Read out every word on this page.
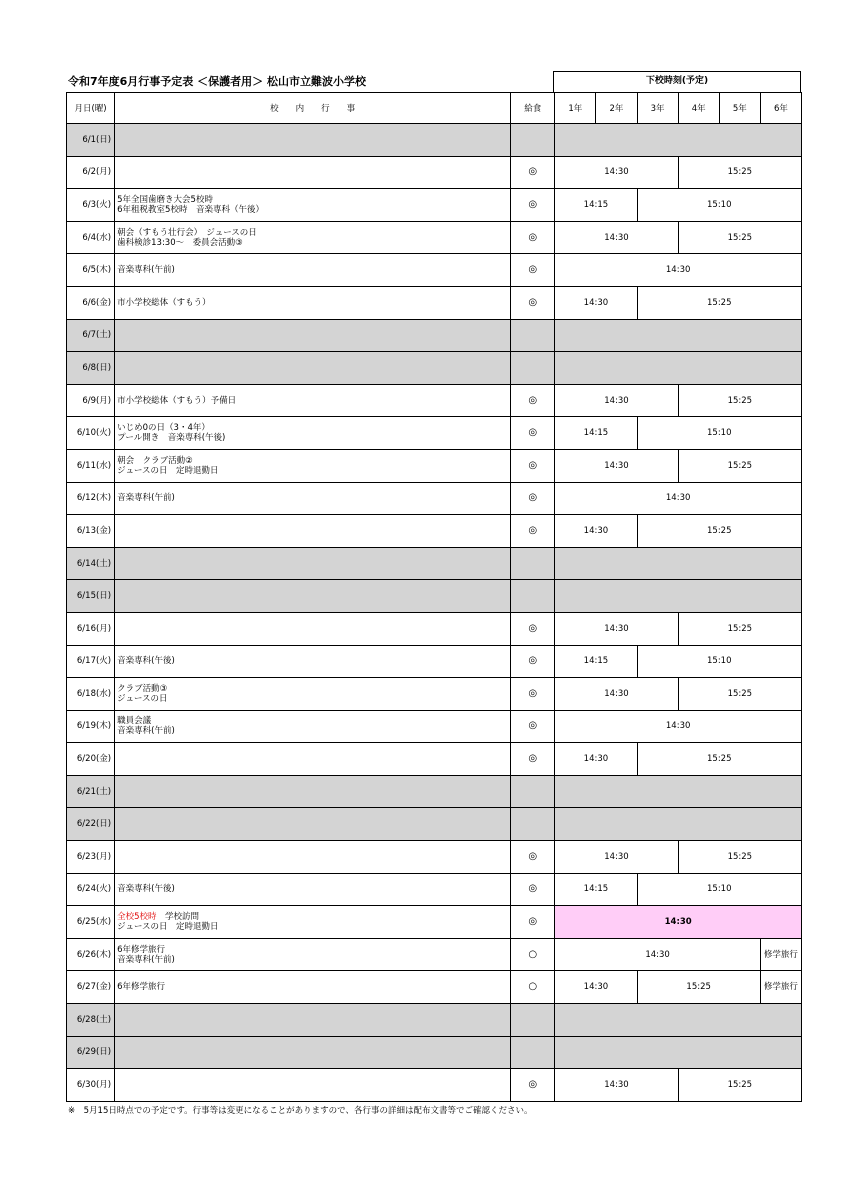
令和7年度6月行事予定表 ＜保護者用＞ 松山市立難波小学校	下校時刻(予定)
月日(曜)	校　　内　　行　　事	給食	1年	2年	3年	4年	5年	6年
6/1(日)								
6/2(月)		◎	14:30			15:25		
6/3(火)	5年全国歯磨き大会5校時
6年租税教室5校時　音楽専科（午後）	◎	14:15		15:10			
6/4(水)	朝会（すもう壮行会）　ジュースの日
歯科検診13:30～　委員会活動③	◎	14:30			15:25		
6/5(木)	音楽専科(午前)	◎	14:30					
6/6(金)	市小学校総体（すもう）	◎	14:30		15:25			
6/7(土)								
6/8(日)								
6/9(月)	市小学校総体（すもう）予備日	◎	14:30			15:25		
6/10(火)	いじめ0の日（3・4年）
プール開き　音楽専科(午後)	◎	14:15		15:10			
6/11(水)	朝会　クラブ活動②
ジュースの日　定時退勤日	◎	14:30			15:25		
6/12(木)	音楽専科(午前)	◎	14:30					
6/13(金)		◎	14:30		15:25			
6/14(土)								
6/15(日)								
6/16(月)		◎	14:30			15:25		
6/17(火)	音楽専科(午後)	◎	14:15		15:10			
6/18(水)	クラブ活動③
ジュースの日	◎	14:30			15:25		
6/19(木)	職員会議
音楽専科(午前)	◎	14:30					
6/20(金)		◎	14:30		15:25			
6/21(土)								
6/22(日)								
6/23(月)		◎	14:30			15:25		
6/24(火)	音楽専科(午後)	◎	14:15		15:10			
6/25(水)	全校5校時　学校訪問
ジュースの日　定時退勤日	◎	14:30					
6/26(木)	6年修学旅行
音楽専科(午前)	○	14:30					修学旅行
6/27(金)	6年修学旅行	○	14:30		15:25			修学旅行
6/28(土)								
6/29(日)								
6/30(月)		◎	14:30			15:25		
※　5月15日時点での予定です。行事等は変更になることがありますので、各行事の詳細は配布文書等でご確認ください。
